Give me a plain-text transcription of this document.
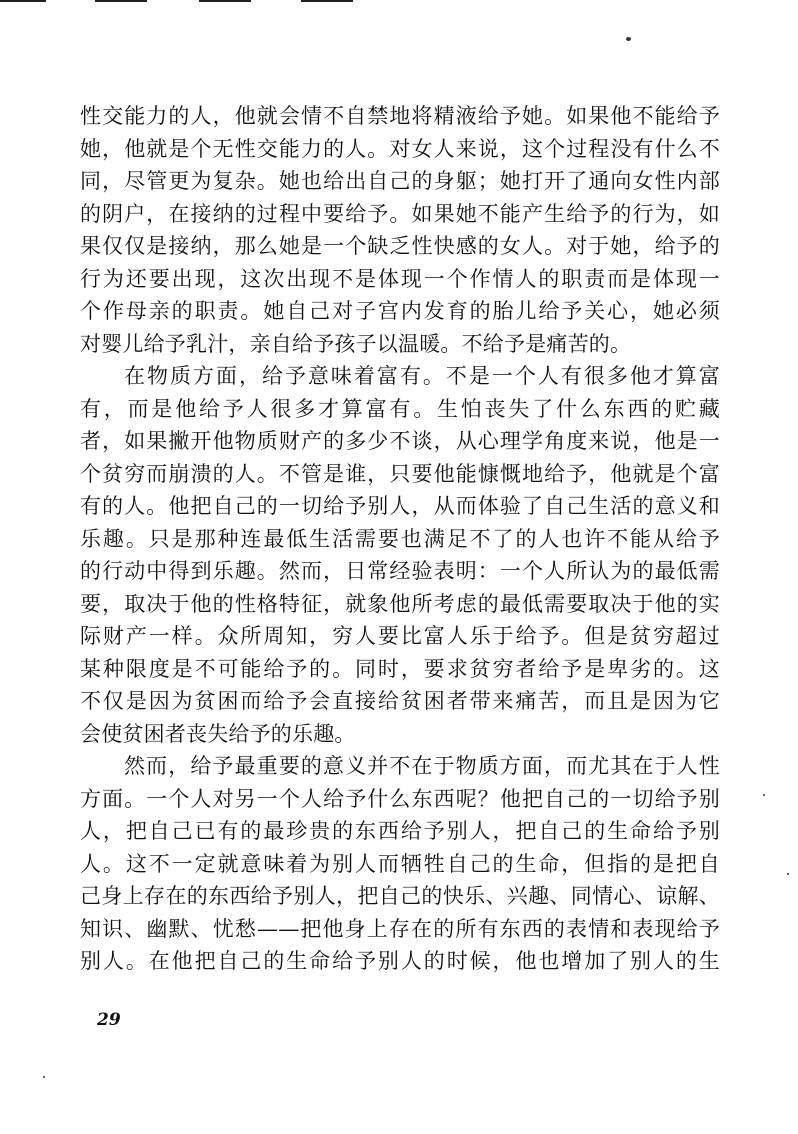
性交能力的人，他就会情不自禁地将精液给予她。如果他不能给予
她，他就是个无性交能力的人。对女人来说，这个过程没有什么不
同，尽管更为复杂。她也给出自己的身躯；她打开了通向女性内部
的阴户，在接纳的过程中要给予。如果她不能产生给予的行为，如
果仅仅是接纳，那么她是一个缺乏性快感的女人。对于她，给予的
行为还要出现，这次出现不是体现一个作情人的职责而是体现一
个作母亲的职责。她自己对子宫内发育的胎儿给予关心，她必须
对婴儿给予乳汁，亲自给予孩子以温暖。不给予是痛苦的。
在物质方面，给予意味着富有。不是一个人有很多他才算富
有，而是他给予人很多才算富有。生怕丧失了什么东西的贮藏
者，如果撇开他物质财产的多少不谈，从心理学角度来说，他是一
个贫穷而崩溃的人。不管是谁，只要他能慷慨地给予，他就是个富
有的人。他把自己的一切给予别人，从而体验了自己生活的意义和
乐趣。只是那种连最低生活需要也满足不了的人也许不能从给予
的行动中得到乐趣。然而，日常经验表明：一个人所认为的最低需
要，取决于他的性格特征，就象他所考虑的最低需要取决于他的实
际财产一样。众所周知，穷人要比富人乐于给予。但是贫穷超过
某种限度是不可能给予的。同时，要求贫穷者给予是卑劣的。这
不仅是因为贫困而给予会直接给贫困者带来痛苦，而且是因为它
会使贫困者丧失给予的乐趣。
然而，给予最重要的意义并不在于物质方面，而尤其在于人性
方面。一个人对另一个人给予什么东西呢？他把自己的一切给予别
人，把自己已有的最珍贵的东西给予别人，把自己的生命给予别
人。这不一定就意味着为别人而牺牲自己的生命，但指的是把自
己身上存在的东西给予别人，把自己的快乐、兴趣、同情心、谅解、
知识、幽默、忧愁——把他身上存在的所有东西的表情和表现给予
别人。在他把自己的生命给予别人的时候，他也增加了别人的生
29
